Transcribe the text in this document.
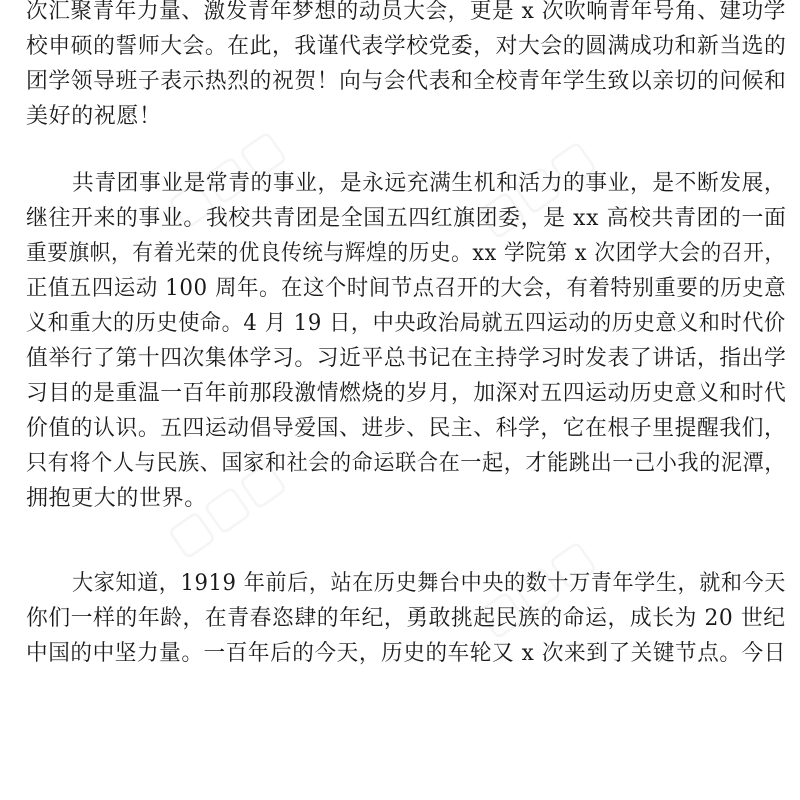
▢▢▢	▢▢▢
▢▢▢
▢▢▢
次汇聚青年力量、激发青年梦想的动员大会，更是 x 次吹响青年号角、建功学
校申硕的誓师大会。在此，我谨代表学校党委，对大会的圆满成功和新当选的
团学领导班子表示热烈的祝贺！向与会代表和全校青年学生致以亲切的问候和
美好的祝愿！
共青团事业是常青的事业，是永远充满生机和活力的事业，是不断发展，
继往开来的事业。我校共青团是全国五四红旗团委，是 xx 高校共青团的一面
重要旗帜，有着光荣的优良传统与辉煌的历史。xx 学院第 x 次团学大会的召开，
正值五四运动 100 周年。在这个时间节点召开的大会，有着特别重要的历史意
义和重大的历史使命。4 月 19 日，中央政治局就五四运动的历史意义和时代价
值举行了第十四次集体学习。习近平总书记在主持学习时发表了讲话，指出学
习目的是重温一百年前那段激情燃烧的岁月，加深对五四运动历史意义和时代
价值的认识。五四运动倡导爱国、进步、民主、科学，它在根子里提醒我们，
只有将个人与民族、国家和社会的命运联合在一起，才能跳出一己小我的泥潭，
拥抱更大的世界。
大家知道，1919 年前后，站在历史舞台中央的数十万青年学生，就和今天
你们一样的年龄，在青春恣肆的年纪，勇敢挑起民族的命运，成长为 20 世纪
中国的中坚力量。一百年后的今天，历史的车轮又 x 次来到了关键节点。今日
